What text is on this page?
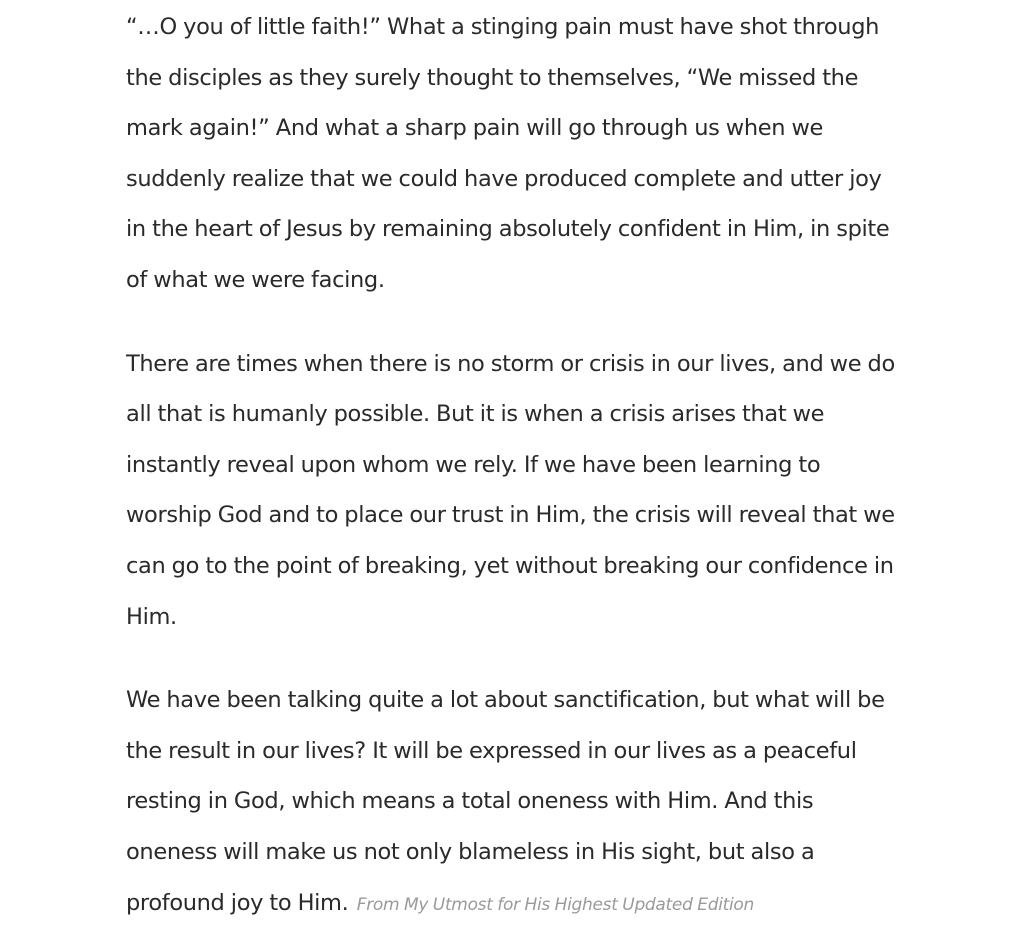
“…O you of little faith!” What a stinging pain must have shot through
the disciples as they surely thought to themselves, “We missed the
mark again!” And what a sharp pain will go through us when we
suddenly realize that we could have produced complete and utter joy
in the heart of Jesus by remaining absolutely confident in Him, in spite
of what we were facing.

There are times when there is no storm or crisis in our lives, and we do
all that is humanly possible. But it is when a crisis arises that we
instantly reveal upon whom we rely. If we have been learning to
worship God and to place our trust in Him, the crisis will reveal that we
can go to the point of breaking, yet without breaking our confidence in
Him.

We have been talking quite a lot about sanctification, but what will be
the result in our lives? It will be expressed in our lives as a peaceful
resting in God, which means a total oneness with Him. And this
oneness will make us not only blameless in His sight, but also a
profound joy to Him. From My Utmost for His Highest Updated Edition
